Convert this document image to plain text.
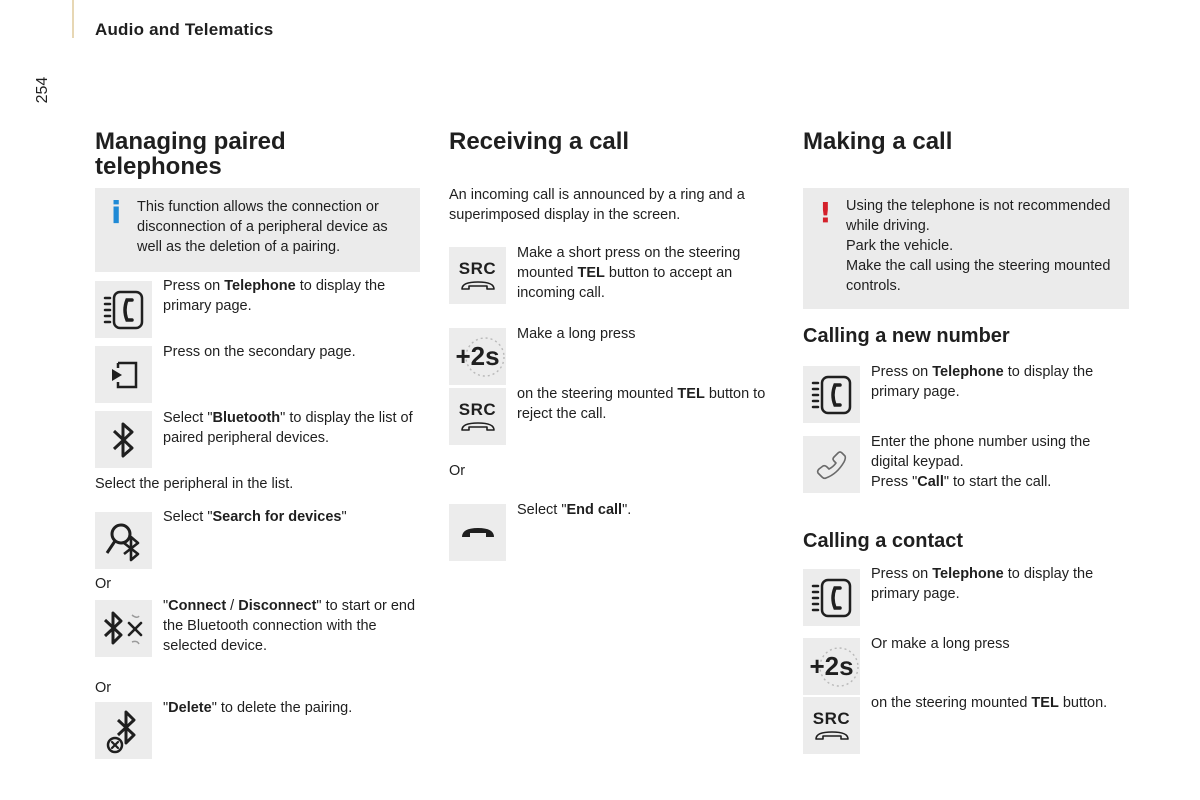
Audio and Telematics
254
Managing paired telephones
i This function allows the connection or disconnection of a peripheral device as well as the deletion of a pairing.
Press on Telephone to display the primary page.
Press on the secondary page.
Select "Bluetooth" to display the list of paired peripheral devices.
Select the peripheral in the list.
Select "Search for devices"
Or
"Connect / Disconnect" to start or end the Bluetooth connection with the selected device.
Or
"Delete" to delete the pairing.
Receiving a call
An incoming call is announced by a ring and a superimposed display in the screen.
SRC
Make a short press on the steering mounted TEL button to accept an incoming call.
+2s
Make a long press
SRC
on the steering mounted TEL button to reject the call.
Or
Select "End call".
Making a call
! Using the telephone is not recommended while driving.
Park the vehicle.
Make the call using the steering mounted controls.
Calling a new number
Press on Telephone to display the primary page.
Enter the phone number using the digital keypad.
Press "Call" to start the call.
Calling a contact
Press on Telephone to display the primary page.
+2s
Or make a long press
SRC
on the steering mounted TEL button.
